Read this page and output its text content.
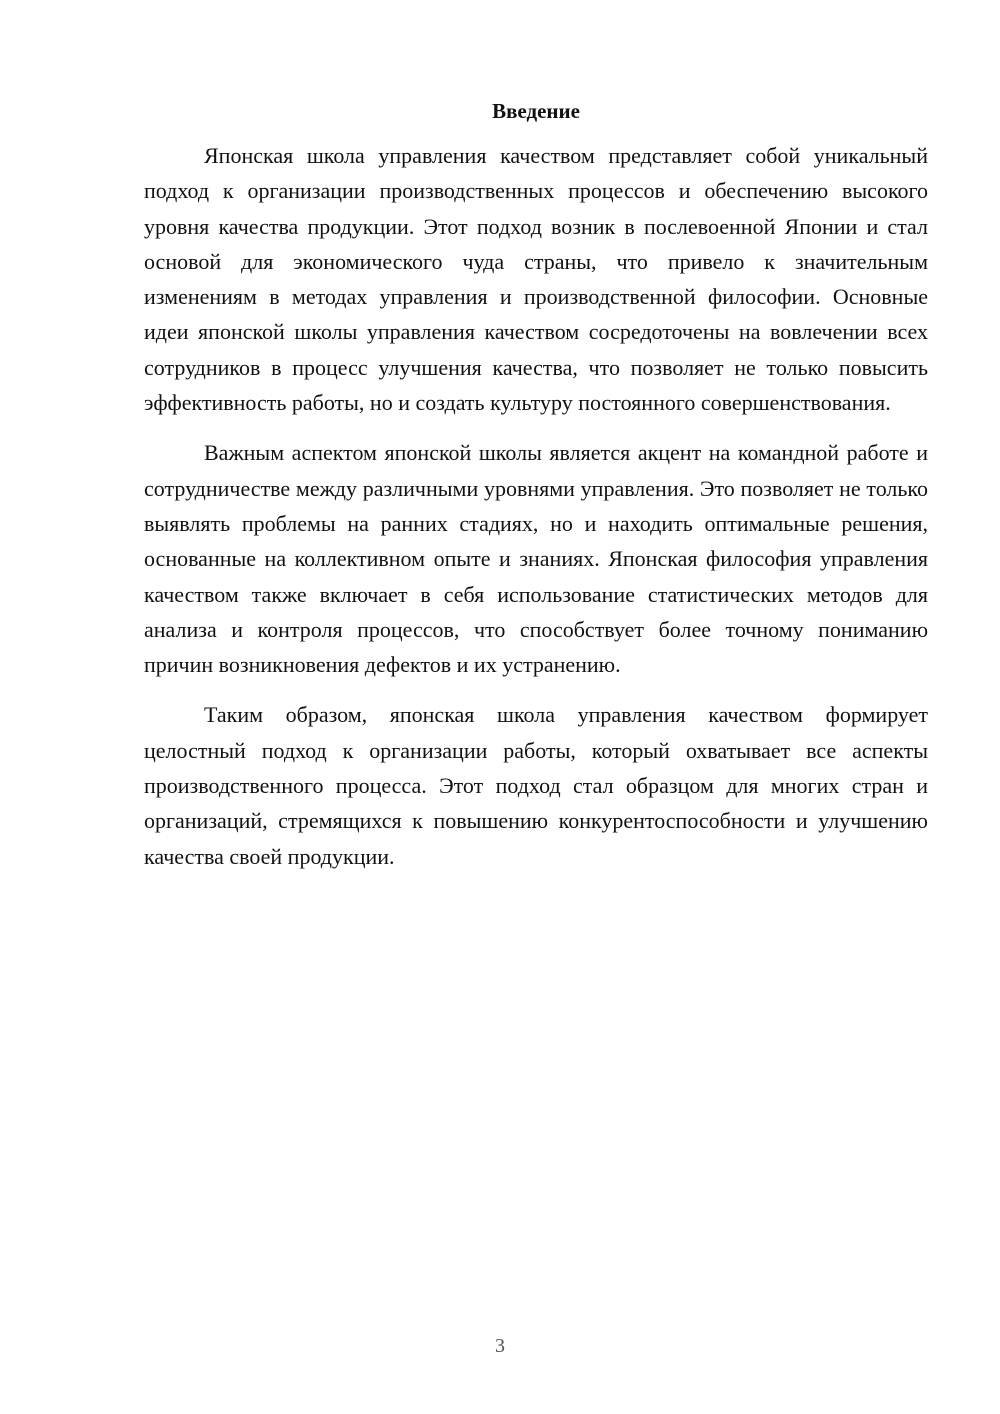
Введение

Японская школа управления качеством представляет собой уникальный подход к организации производственных процессов и обеспечению высокого уровня качества продукции. Этот подход возник в послевоенной Японии и стал основой для экономического чуда страны, что привело к значительным изменениям в методах управления и производственной философии. Основные идеи японской школы управления качеством сосредоточены на вовлечении всех сотрудников в процесс улучшения качества, что позволяет не только повысить эффективность работы, но и создать культуру постоянного совершенствования.

Важным аспектом японской школы является акцент на командной работе и сотрудничестве между различными уровнями управления. Это позволяет не только выявлять проблемы на ранних стадиях, но и находить оптимальные решения, основанные на коллективном опыте и знаниях. Японская философия управления качеством также включает в себя использование статистических методов для анализа и контроля процессов, что способствует более точному пониманию причин возникновения дефектов и их устранению.

Таким образом, японская школа управления качеством формирует целостный подход к организации работы, который охватывает все аспекты производственного процесса. Этот подход стал образцом для многих стран и организаций, стремящихся к повышению конкурентоспособности и улучшению качества своей продукции.

3
